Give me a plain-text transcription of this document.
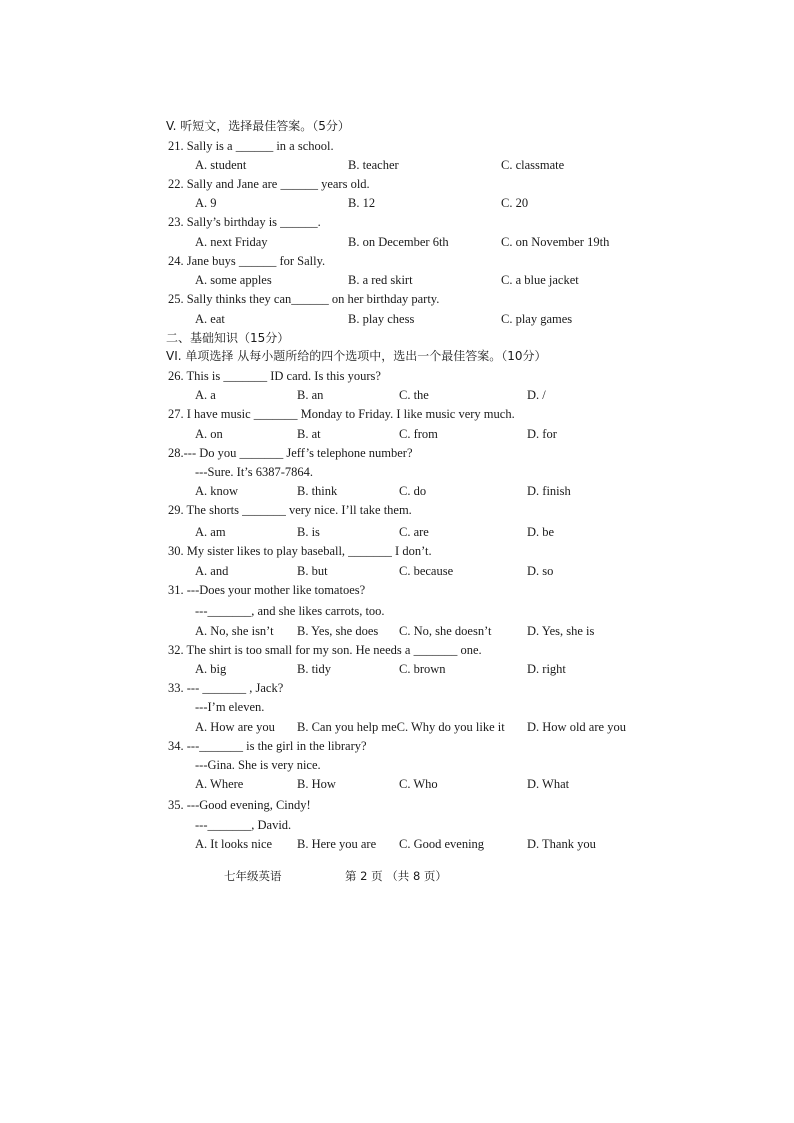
V. 听短文，选择最佳答案。（5分）
21. Sally is a ______ in a school.
A. student	B. teacher	C. classmate
22. Sally and Jane are ______ years old.
A. 9	B. 12	C. 20
23. Sally’s birthday is ______.
A. next Friday	B. on December 6th	C. on November 19th
24. Jane buys ______ for Sally.
A. some apples	B. a red skirt	C. a blue jacket
25. Sally thinks they can______ on her birthday party.
A. eat	B. play chess	C. play games
二、基础知识（15分）
VI. 单项选择 从每小题所给的四个选项中，选出一个最佳答案。（10分）
26. This is _______ ID card. Is this yours?
A. a	B. an	C. the	D. /
27. I have music _______ Monday to Friday. I like music very much.
A. on	B. at	C. from	D. for
28.--- Do you _______ Jeff’s telephone number?
---Sure. It’s 6387-7864.
A. know	B. think	C. do	D. finish
29. The shorts _______ very nice. I’ll take them.
A. am	B. is	C. are	D. be
30. My sister likes to play baseball, _______ I don’t.
A. and	B. but	C. because	D. so
31. ---Does your mother like tomatoes?
---_______, and she likes carrots, too.
A. No, she isn’t B. Yes, she does C. No, she doesn’t	D. Yes, she is
32. The shirt is too small for my son. He needs a _______ one.
A. big	B. tidy	C. brown	D. right
33. --- _______ , Jack?
---I’m eleven.
A. How are you B. Can you help meC. Why do you like it D. How old are you
34. ---_______ is the girl in the library?
---Gina. She is very nice.
A. Where	B. How	C. Who	D. What
35. ---Good evening, Cindy!
---_______, David.
A. It looks nice B. Here you are C. Good evening	D. Thank you
七年级英语	第 2 页 （共 8 页）
